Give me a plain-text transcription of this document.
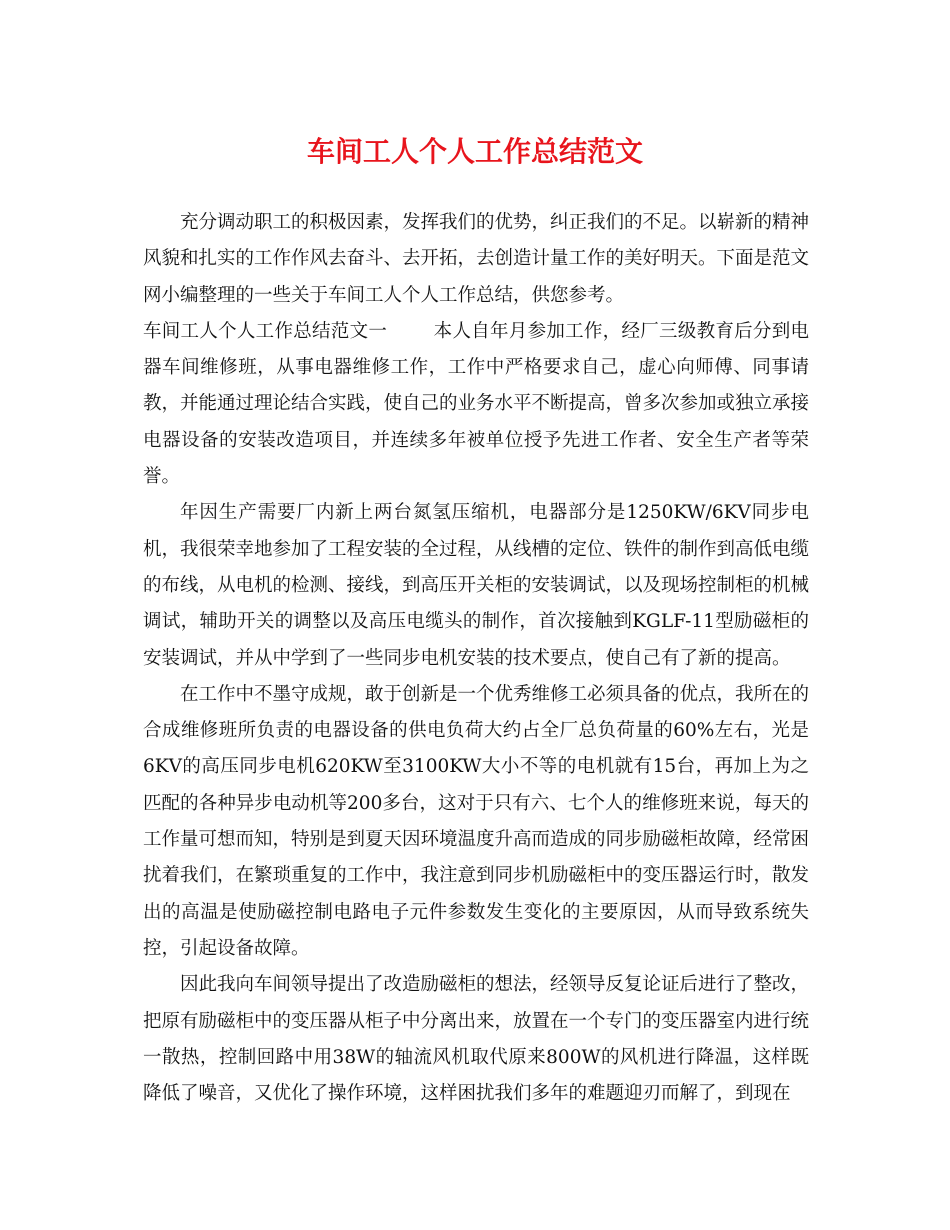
车间工人个人工作总结范文

充分调动职工的积极因素，发挥我们的优势，纠正我们的不足。以崭新的精神风貌和扎实的工作作风去奋斗、去开拓，去创造计量工作的美好明天。下面是范文网小编整理的一些关于车间工人个人工作总结，供您参考。

车间工人个人工作总结范文一	本人自年月参加工作，经厂三级教育后分到电器车间维修班，从事电器维修工作，工作中严格要求自己，虚心向师傅、同事请教，并能通过理论结合实践，使自己的业务水平不断提高，曾多次参加或独立承接电器设备的安装改造项目，并连续多年被单位授予先进工作者、安全生产者等荣誉。

年因生产需要厂内新上两台氮氢压缩机，电器部分是1250KW/6KV同步电机，我很荣幸地参加了工程安装的全过程，从线槽的定位、铁件的制作到高低电缆的布线，从电机的检测、接线，到高压开关柜的安装调试，以及现场控制柜的机械调试，辅助开关的调整以及高压电缆头的制作，首次接触到KGLF-11型励磁柜的安装调试，并从中学到了一些同步电机安装的技术要点，使自己有了新的提高。

在工作中不墨守成规，敢于创新是一个优秀维修工必须具备的优点，我所在的合成维修班所负责的电器设备的供电负荷大约占全厂总负荷量的60%左右，光是6KV的高压同步电机620KW至3100KW大小不等的电机就有15台，再加上为之匹配的各种异步电动机等200多台，这对于只有六、七个人的维修班来说，每天的工作量可想而知，特别是到夏天因环境温度升高而造成的同步励磁柜故障，经常困扰着我们，在繁琐重复的工作中，我注意到同步机励磁柜中的变压器运行时，散发出的高温是使励磁控制电路电子元件参数发生变化的主要原因，从而导致系统失控，引起设备故障。

因此我向车间领导提出了改造励磁柜的想法，经领导反复论证后进行了整改，把原有励磁柜中的变压器从柜子中分离出来，放置在一个专门的变压器室内进行统一散热，控制回路中用38W的轴流风机取代原来800W的风机进行降温，这样既降低了噪音，又优化了操作环境，这样困扰我们多年的难题迎刃而解了，到现在
